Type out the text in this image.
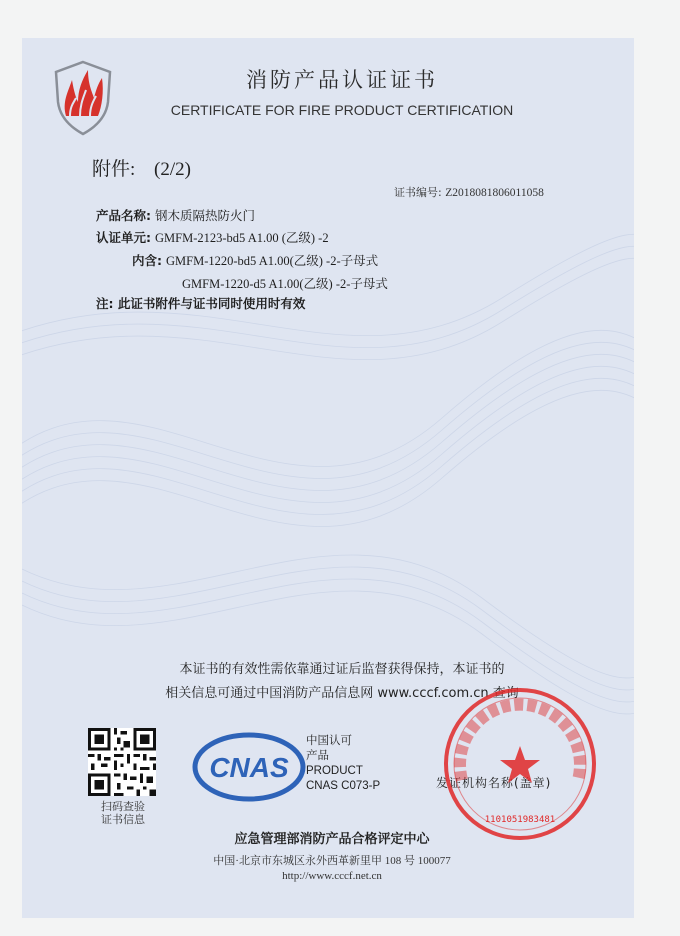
消防产品认证证书
CERTIFICATE FOR FIRE PRODUCT CERTIFICATION
附件: (2/2)
证书编号: Z2018081806011058
产品名称: 钢木质隔热防火门
认证单元: GMFM-2123-bd5 A1.00 (乙级) -2
内含: GMFM-1220-bd5 A1.00(乙级) -2-子母式
GMFM-1220-d5 A1.00(乙级) -2-子母式
注: 此证书附件与证书同时使用时有效
本证书的有效性需依靠通过证后监督获得保持，本证书的
相关信息可通过中国消防产品信息网 www.cccf.com.cn 查询
扫码查验
证书信息
CNAS
中国认可
产品
PRODUCT
CNAS C073-P	发证机构名称(盖章)
1101051983481
应急管理部消防产品合格评定中心
中国·北京市东城区永外西革新里甲 108 号 100077
http://www.cccf.net.cn
